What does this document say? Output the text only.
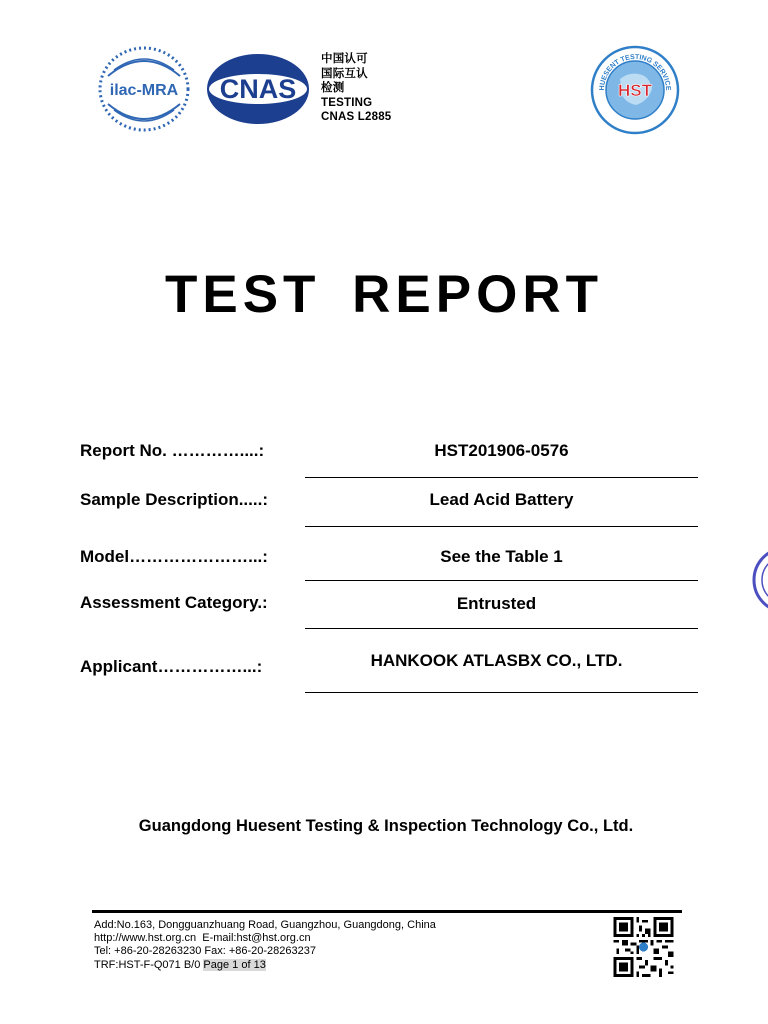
ilac-MRA CNAS
中国认可
国际互认
检测
TESTING
CNAS L2885
HUESENT TESTING SERVICE
HST
TEST REPORT
Report No. …………....:	HST201906-0576
Sample Description.....:	Lead Acid Battery
Model…………………...:	See the Table 1
Assessment Category.:	Entrusted
Applicant……………...:	HANKOOK ATLASBX CO., LTD.
Guangdong Huesent Testing & Inspection Technology Co., Ltd.
Add:No.163, Dongguanzhuang Road, Guangzhou, Guangdong, China
http://www.hst.org.cn E-mail:hst@hst.org.cn
Tel: +86-20-28263230 Fax: +86-20-28263237
TRF:HST-F-Q071 B/0 Page 1 of 13
